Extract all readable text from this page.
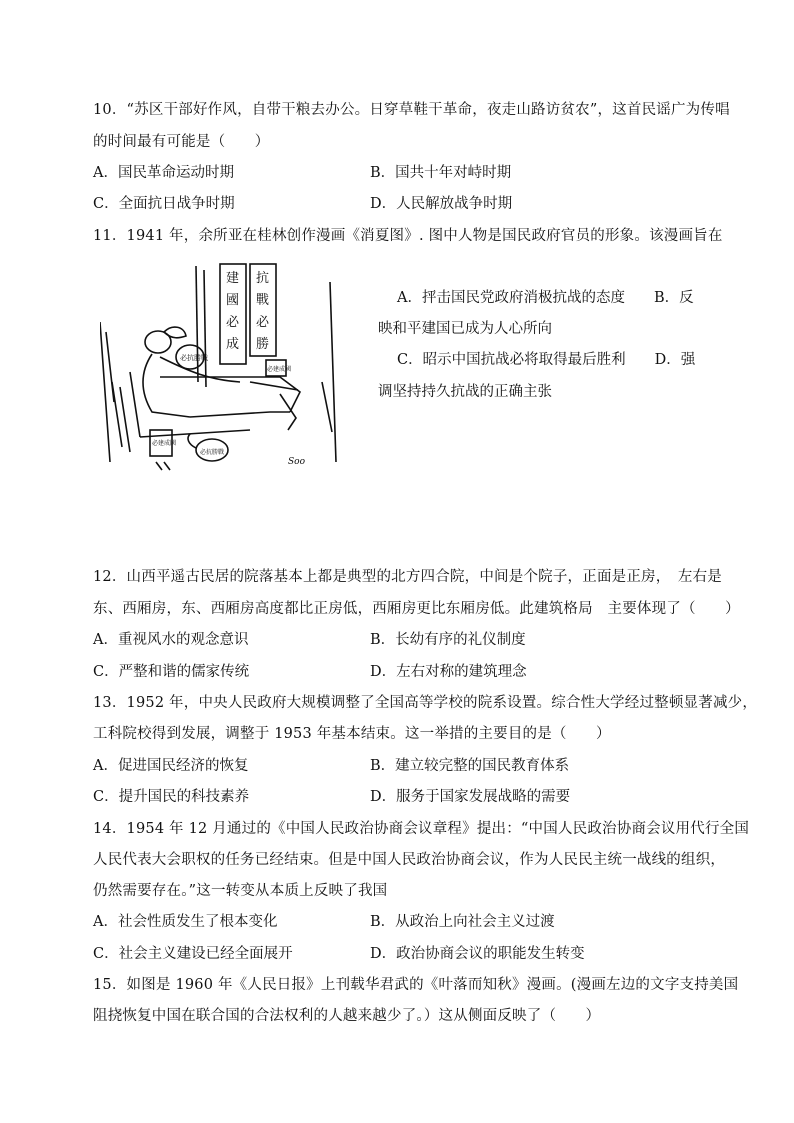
10．“苏区干部好作风，自带干粮去办公。日穿草鞋干革命，夜走山路访贫农”，这首民谣广为传唱
的时间最有可能是（　　）
A．国民革命运动时期	B．国共十年对峙时期
C．全面抗日战争时期	D．人民解放战争时期
11．1941 年，余所亚在桂林创作漫画《消夏图》. 图中人物是国民政府官员的形象。该漫画旨在
建國必成
抗戰必勝
必抗勝戰
必建成國
必建成國
必抗勝戰
Soo
A．抨击国民党政府消极抗战的态度　　B．反
映和平建国已成为人心所向
C．昭示中国抗战必将取得最后胜利　　D．强
调坚持持久抗战的正确主张
12．山西平遥古民居的院落基本上都是典型的北方四合院，中间是个院子，正面是正房，　左右是
东、西厢房，东、西厢房高度都比正房低，西厢房更比东厢房低。此建筑格局　主要体现了（　　）
A．重视风水的观念意识	B．长幼有序的礼仪制度
C．严整和谐的儒家传统	D．左右对称的建筑理念
13．1952 年，中央人民政府大规模调整了全国高等学校的院系设置。综合性大学经过整顿显著减少，
工科院校得到发展，调整于 1953 年基本结束。这一举措的主要目的是（　　）
A．促进国民经济的恢复	B．建立较完整的国民教育体系
C．提升国民的科技素养	D．服务于国家发展战略的需要
14．1954 年 12 月通过的《中国人民政治协商会议章程》提出：“中国人民政治协商会议用代行全国
人民代表大会职权的任务已经结束。但是中国人民政治协商会议，作为人民民主统一战线的组织，
仍然需要存在。”这一转变从本质上反映了我国
A．社会性质发生了根本变化	B．从政治上向社会主义过渡
C．社会主义建设已经全面展开	D．政治协商会议的职能发生转变
15．如图是 1960 年《人民日报》上刊载华君武的《叶落而知秋》漫画。(漫画左边的文字支持美国
阻挠恢复中国在联合国的合法权利的人越来越少了。）这从侧面反映了（　　）
